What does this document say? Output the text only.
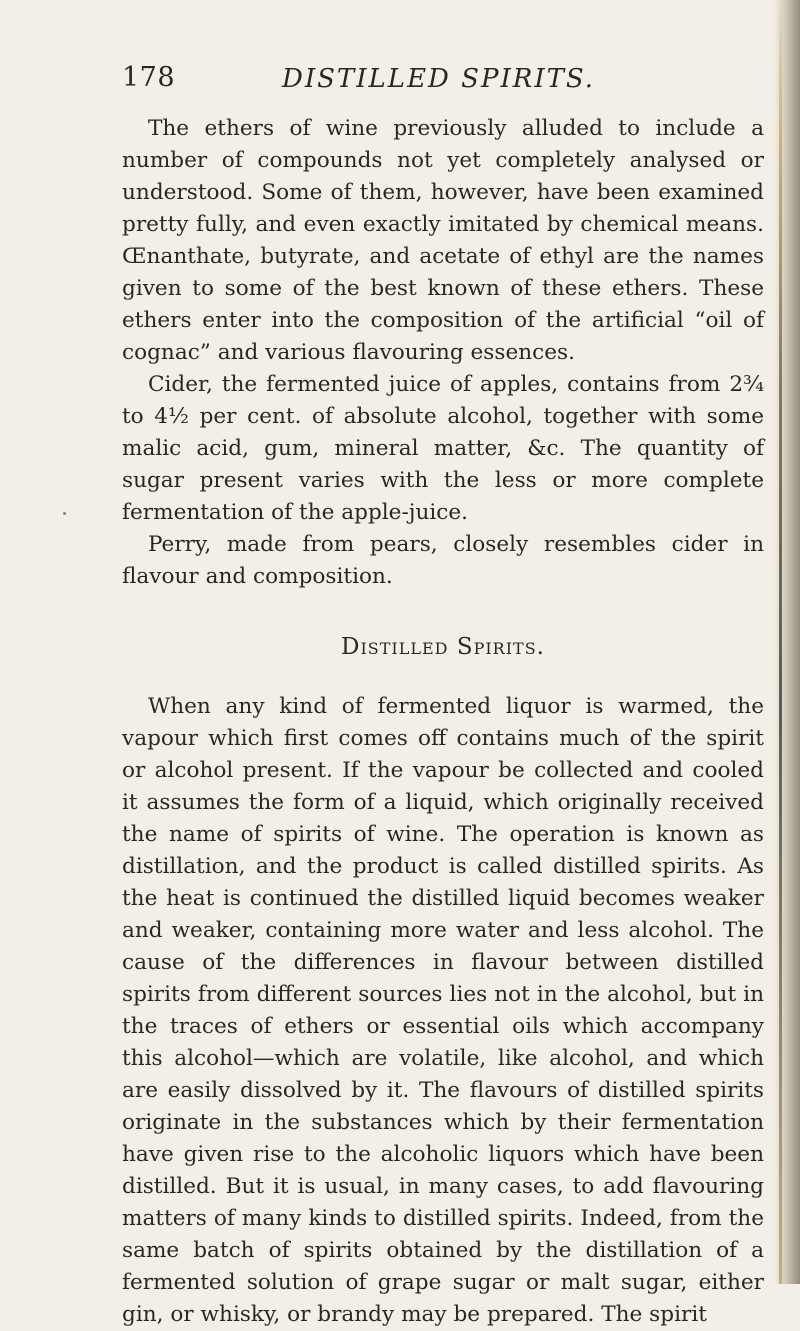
178	DISTILLED SPIRITS.

The ethers of wine previously alluded to include a number of compounds not yet completely analysed or understood. Some of them, however, have been examined pretty fully, and even exactly imitated by chemical means. Œnanthate, butyrate, and acetate of ethyl are the names given to some of the best known of these ethers. These ethers enter into the composition of the artificial “oil of cognac” and various flavouring essences.

Cider, the fermented juice of apples, contains from 2¾ to 4½ per cent. of absolute alcohol, together with some malic acid, gum, mineral matter, &c. The quantity of sugar present varies with the less or more complete fermentation of the apple-juice.

Perry, made from pears, closely resembles cider in flavour and composition.

Distilled Spirits.

When any kind of fermented liquor is warmed, the vapour which first comes off contains much of the spirit or alcohol present. If the vapour be collected and cooled it assumes the form of a liquid, which originally received the name of spirits of wine. The operation is known as distillation, and the product is called distilled spirits. As the heat is continued the distilled liquid becomes weaker and weaker, containing more water and less alcohol. The cause of the differences in flavour between distilled spirits from different sources lies not in the alcohol, but in the traces of ethers or essential oils which accompany this alcohol—which are volatile, like alcohol, and which are easily dissolved by it. The flavours of distilled spirits originate in the substances which by their fermentation have given rise to the alcoholic liquors which have been distilled. But it is usual, in many cases, to add flavouring matters of many kinds to distilled spirits. Indeed, from the same batch of spirits obtained by the distillation of a fermented solution of grape sugar or malt sugar, either gin, or whisky, or brandy may be prepared. The spirit
